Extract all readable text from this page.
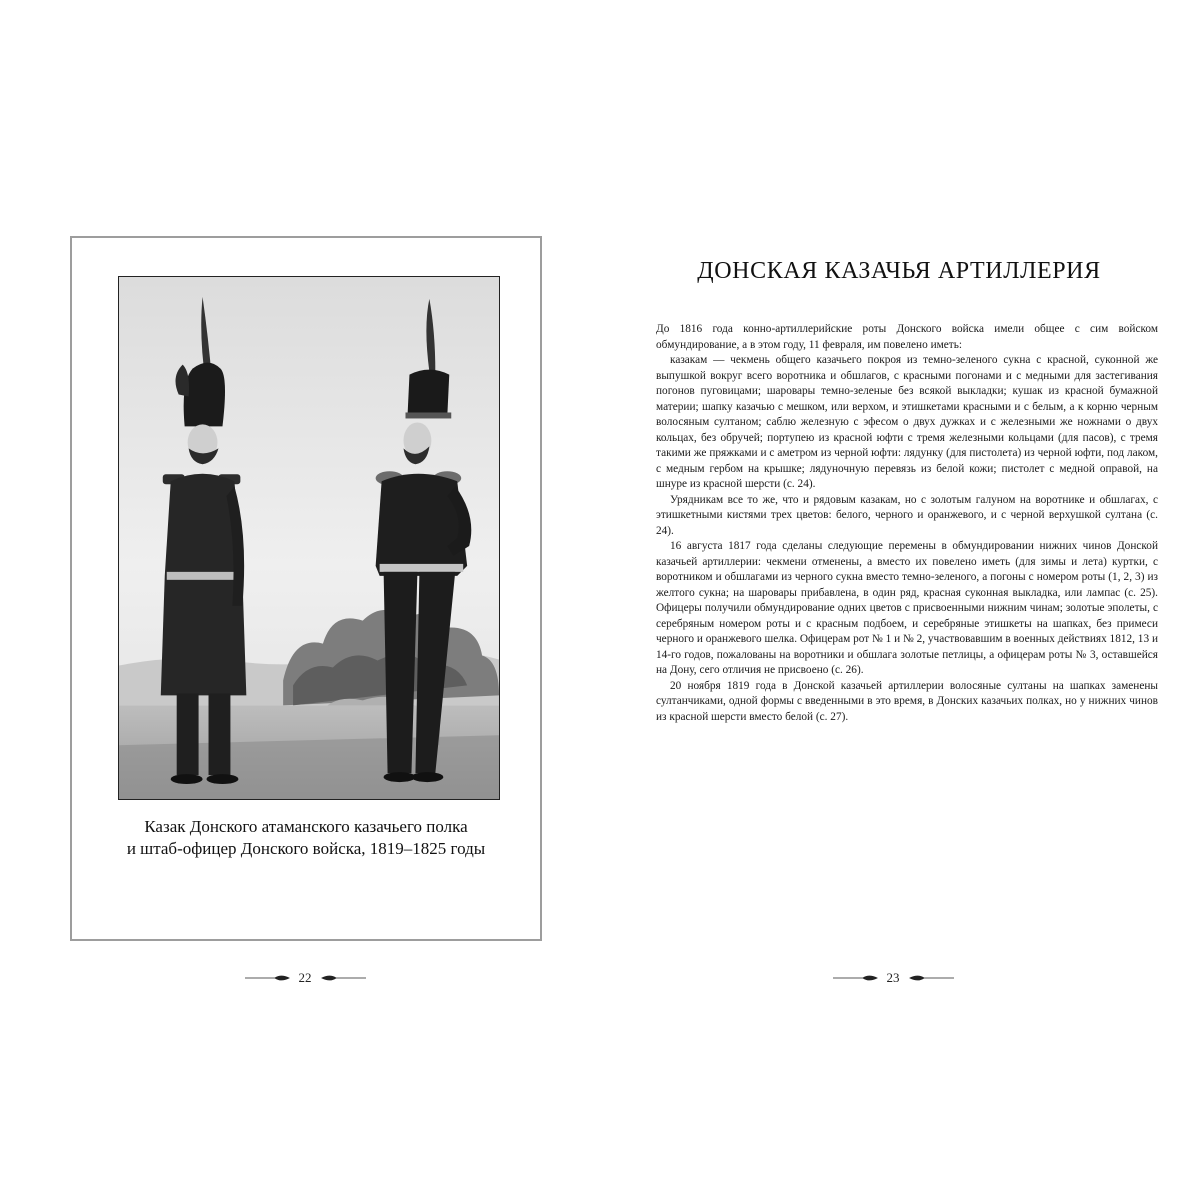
Казак Донского атаманского казачьего полка
и штаб-офицер Донского войска, 1819–1825 годы
22
ДОНСКАЯ КАЗАЧЬЯ АРТИЛЛЕРИЯ

До 1816 года конно-артиллерийские роты Донского войска имели общее с сим войском обмундирование, а в этом году, 11 февраля, им повелено иметь:

казакам — чекмень общего казачьего покроя из темно-зеленого сукна с красной, суконной же выпушкой вокруг всего воротника и обшлагов, с красными погонами и с медными для застегивания погонов пуговицами; шаровары темно-зеленые без всякой выкладки; кушак из красной бумажной материи; шапку казачью с мешком, или верхом, и этишкетами красными и с белым, а к корню черным волосяным султаном; саблю железную с эфесом о двух дужках и с железными же ножнами о двух кольцах, без обручей; портупею из красной юфти с тремя железными кольцами (для пасов), с тремя такими же пряжками и с аметром из черной юфти: лядунку (для пистолета) из черной юфти, под лаком, с медным гербом на крышке; лядуночную перевязь из белой кожи; пистолет с медной оправой, на шнуре из красной шерсти (с. 24).

Урядникам все то же, что и рядовым казакам, но с золотым галуном на воротнике и обшлагах, с этишкетными кистями трех цветов: белого, черного и оранжевого, и с черной верхушкой султана (с. 24).

16 августа 1817 года сделаны следующие перемены в обмундировании нижних чинов Донской казачьей артиллерии: чекмени отменены, а вместо их повелено иметь (для зимы и лета) куртки, с воротником и обшлагами из черного сукна вместо темно-зеленого, а погоны с номером роты (1, 2, 3) из желтого сукна; на шаровары прибавлена, в один ряд, красная суконная выкладка, или лампас (с. 25). Офицеры получили обмундирование одних цветов с присвоенными нижним чинам; золотые эполеты, с серебряным номером роты и с красным подбоем, и серебряные этишкеты на шапках, без примеси черного и оранжевого шелка. Офицерам рот № 1 и № 2, участвовавшим в военных действиях 1812, 13 и 14-го годов, пожалованы на воротники и обшлага золотые петлицы, а офицерам роты № 3, оставшейся на Дону, сего отличия не присвоено (с. 26).

20 ноября 1819 года в Донской казачьей артиллерии волосяные султаны на шапках заменены султанчиками, одной формы с введенными в это время, в Донских казачьих полках, но у нижних чинов из красной шерсти вместо белой (с. 27).

23
